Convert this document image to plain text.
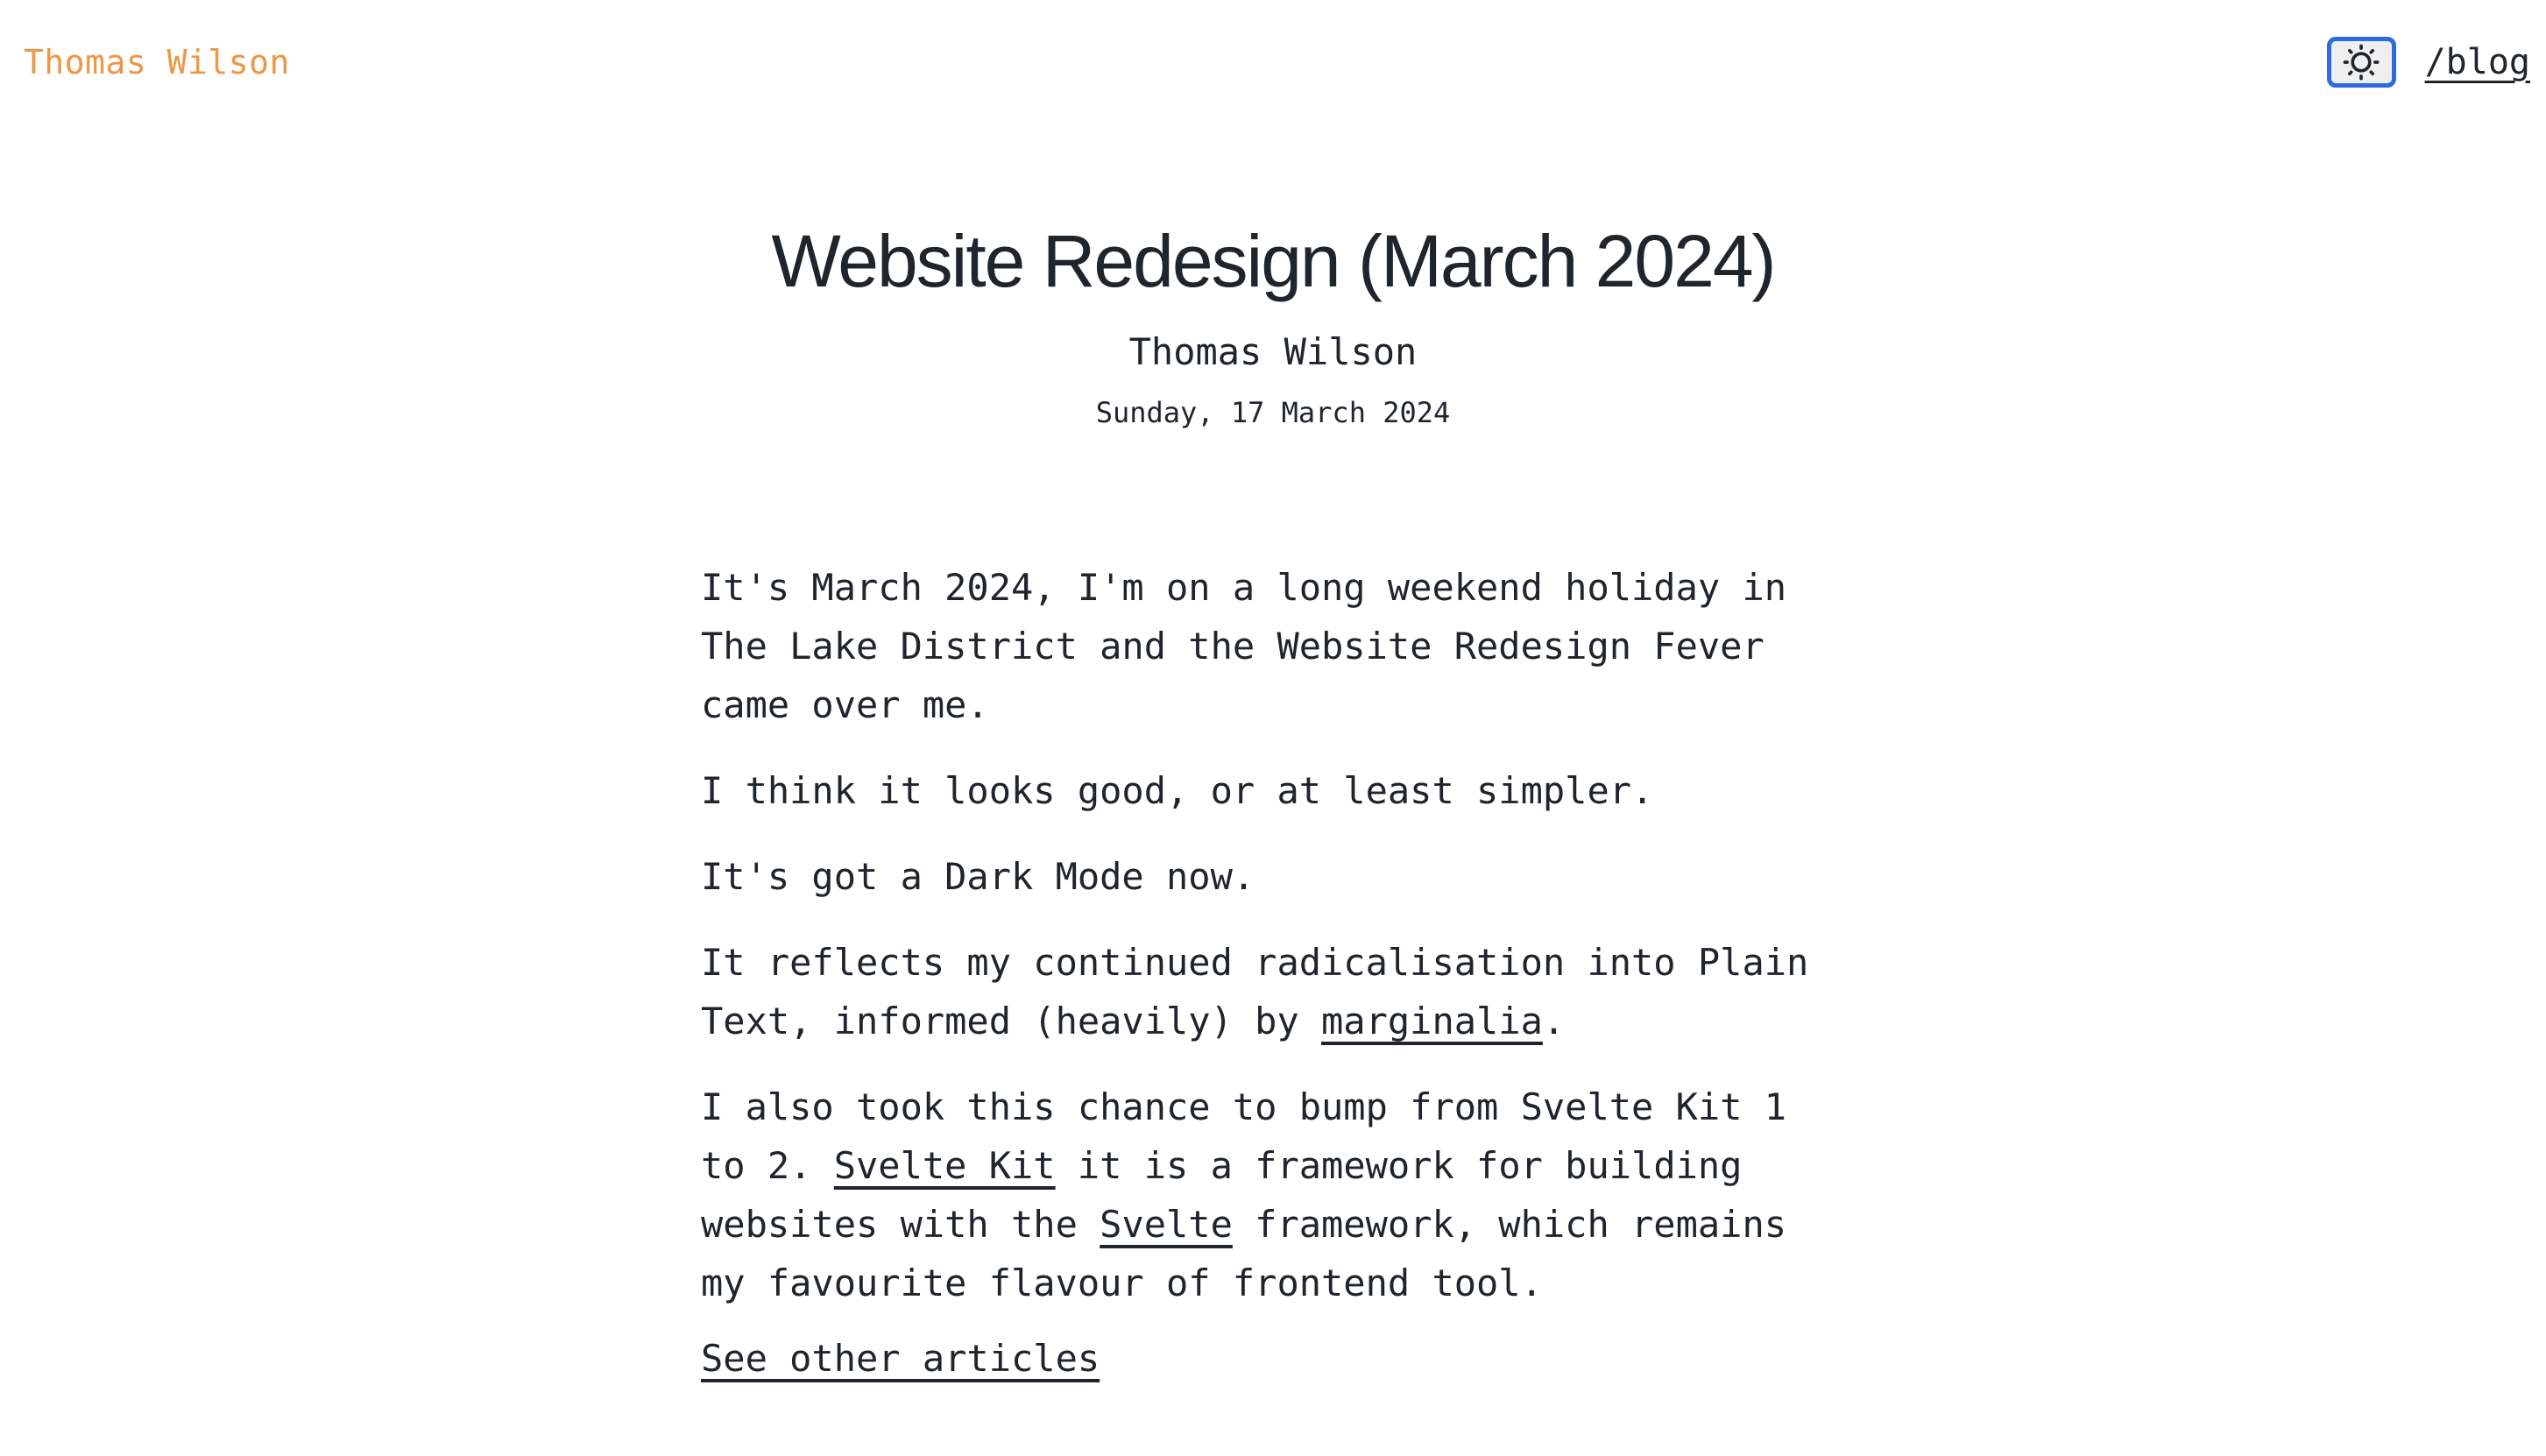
Thomas Wilson	/blog
Website Redesign (March 2024)
Thomas Wilson
Sunday, 17 March 2024

It's March 2024, I'm on a long weekend holiday in The Lake District and the Website Redesign Fever came over me.

I think it looks good, or at least simpler.

It's got a Dark Mode now.

It reflects my continued radicalisation into Plain Text, informed (heavily) by marginalia.

I also took this chance to bump from Svelte Kit 1 to 2. Svelte Kit it is a framework for building websites with the Svelte framework, which remains my favourite flavour of frontend tool.

See other articles
